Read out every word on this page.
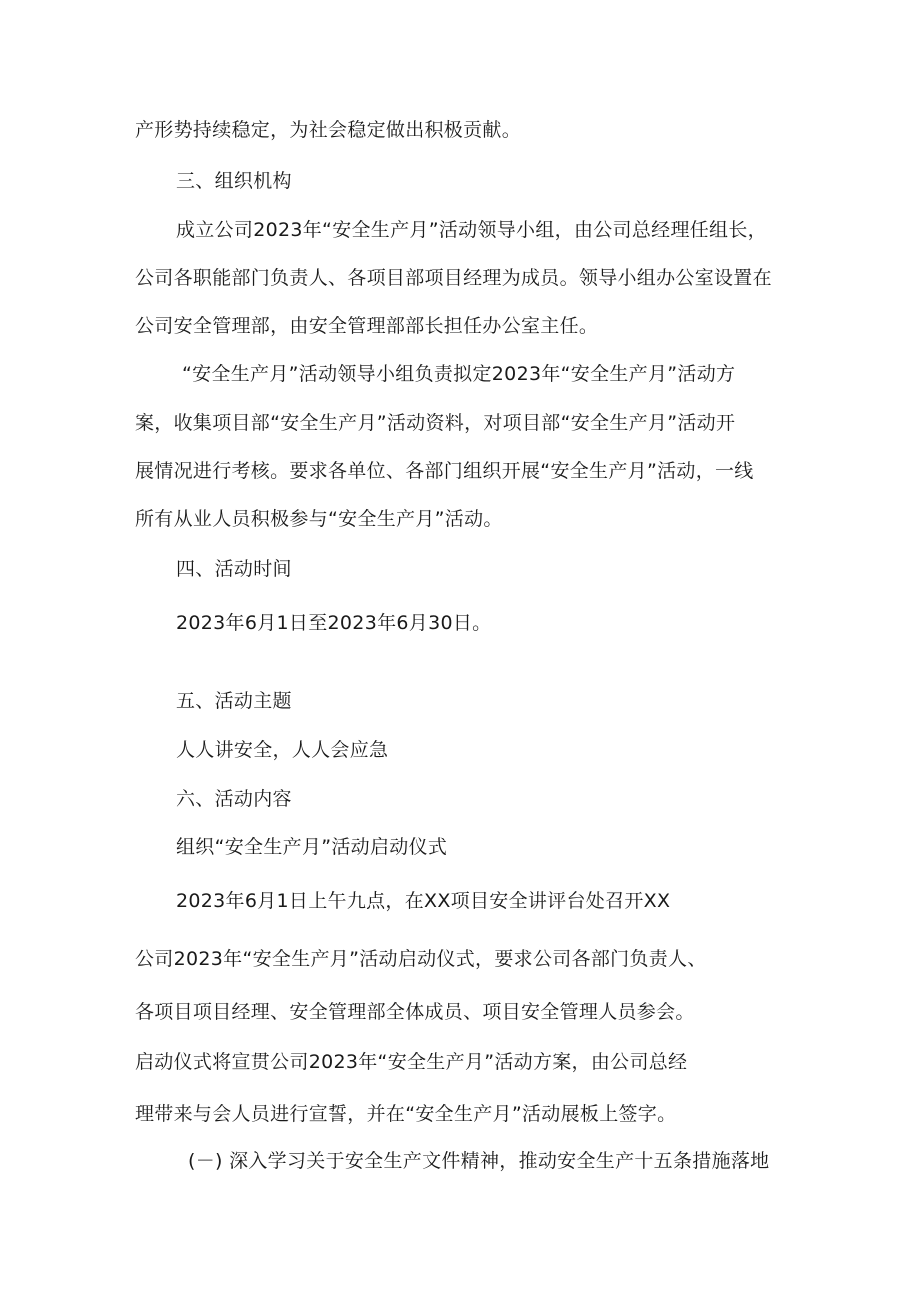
产形势持续稳定，为社会稳定做出积极贡献。
三、组织机构
成立公司2023年“安全生产月”活动领导小组，由公司总经理任组长，
公司各职能部门负责人、各项目部项目经理为成员。领导小组办公室设置在
公司安全管理部，由安全管理部部长担任办公室主任。
“安全生产月”活动领导小组负责拟定2023年“安全生产月”活动方
案，收集项目部“安全生产月”活动资料，对项目部“安全生产月”活动开
展情况进行考核。要求各单位、各部门组织开展“安全生产月”活动，一线
所有从业人员积极参与“安全生产月”活动。
四、活动时间
2023年6月1日至2023年6月30日。
五、活动主题
人人讲安全，人人会应急
六、活动内容
组织“安全生产月”活动启动仪式
2023年6月1日上午九点，在XX项目安全讲评台处召开XX
公司2023年“安全生产月”活动启动仪式，要求公司各部门负责人、
各项目项目经理、安全管理部全体成员、项目安全管理人员参会。
启动仪式将宣贯公司2023年“安全生产月”活动方案，由公司总经
理带来与会人员进行宣誓，并在“安全生产月”活动展板上签字。
(－) 深入学习关于安全生产文件精神，推动安全生产十五条措施落地
